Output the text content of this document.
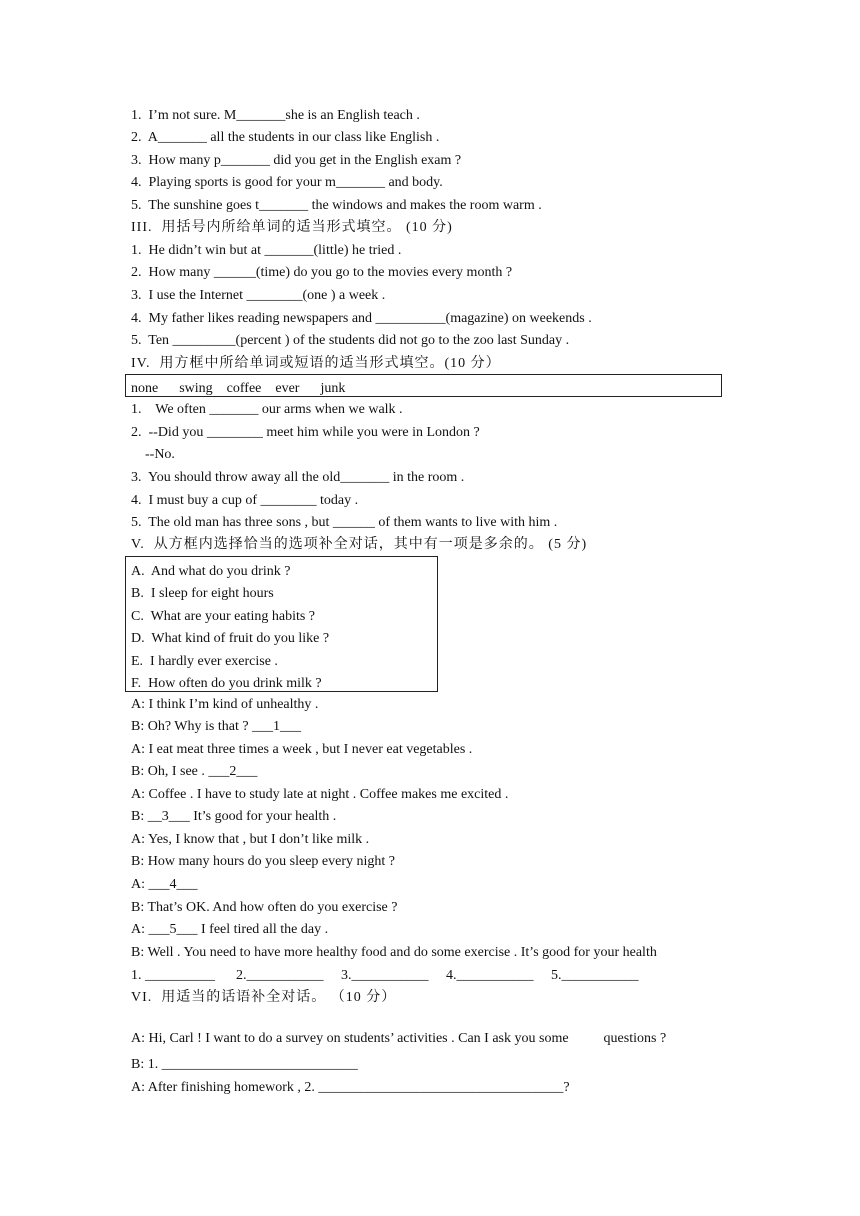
1.  I’m not sure. M_______she is an English teach .
2.  A_______ all the students in our class like English .
3.  How many p_______ did you get in the English exam ?
4.  Playing sports is good for your m_______ and body.
5.  The sunshine goes t_______ the windows and makes the room warm .
III.  用括号内所给单词的适当形式填空。 (10 分)
1.  He didn’t win but at _______(little) he tried .
2.  How many ______(time) do you go to the movies every month ?
3.  I use the Internet ________(one ) a week .
4.  My father likes reading newspapers and __________(magazine) on weekends .
5.  Ten _________(percent ) of the students did not go to the zoo last Sunday .
IV.  用方框中所给单词或短语的适当形式填空。(10 分）
none      swing    coffee    ever      junk
1.    We often _______ our arms when we walk .
2.  --Did you ________ meet him while you were in London ?
--No.
3.  You should throw away all the old_______ in the room .
4.  I must buy a cup of ________ today .
5.  The old man has three sons , but ______ of them wants to live with him .
V.  从方框内选择恰当的选项补全对话，其中有一项是多余的。 (5 分)
A.  And what do you drink ?
B.  I sleep for eight hours
C.  What are your eating habits ?
D.  What kind of fruit do you like ?
E.  I hardly ever exercise .
F.  How often do you drink milk ?
A: I think I’m kind of unhealthy .
B: Oh? Why is that ? ___1___
A: I eat meat three times a week , but I never eat vegetables .
B: Oh, I see . ___2___
A: Coffee . I have to study late at night . Coffee makes me excited .
B: __3___ It’s good for your health .
A: Yes, I know that , but I don’t like milk .
B: How many hours do you sleep every night ?
A: ___4___
B: That’s OK. And how often do you exercise ?
A: ___5___ I feel tired all the day .
B: Well . You need to have more healthy food and do some exercise . It’s good for your health
1. __________      2.___________     3.___________     4.___________     5.___________
VI.  用适当的话语补全对话。 （10 分）
A: Hi, Carl ! I want to do a survey on students’ activities . Can I ask you some          questions ?
B: 1. ____________________________
A: After finishing homework , 2. ___________________________________?
